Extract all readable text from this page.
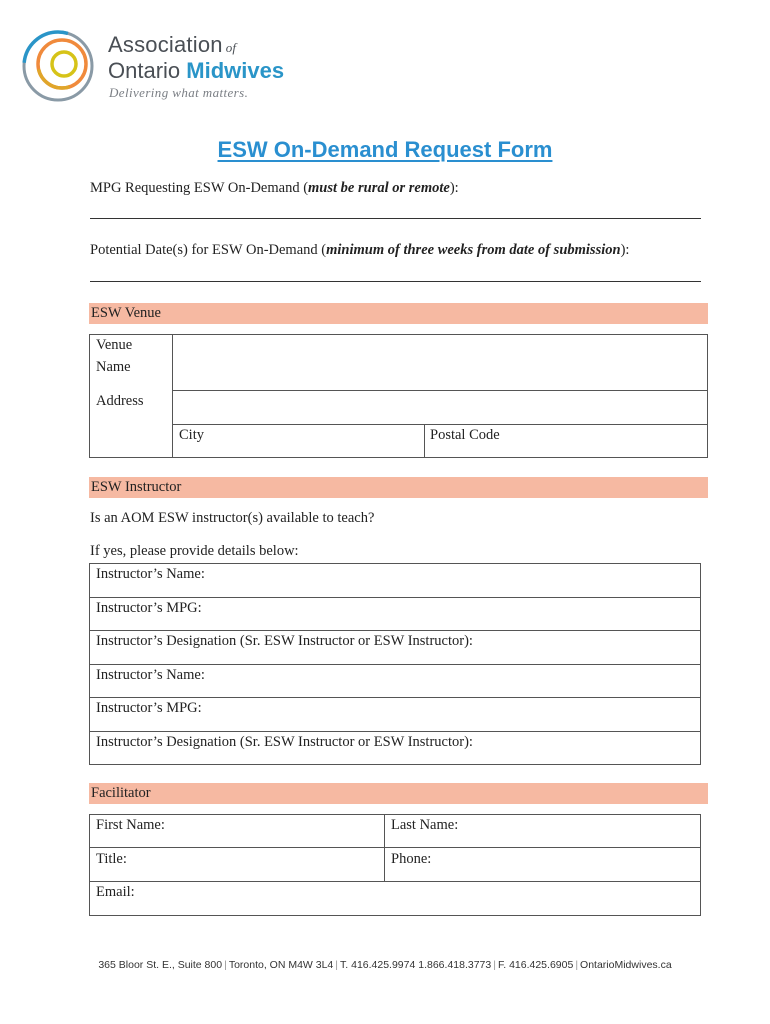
Association of
Ontario Midwives
Delivering what matters.
ESW On-Demand Request Form
MPG Requesting ESW On-Demand (must be rural or remote):
Potential Date(s) for ESW On-Demand (minimum of three weeks from date of submission):
ESW Venue
Venue
Name
Address
City	Postal Code
ESW Instructor
Is an AOM ESW instructor(s) available to teach?
If yes, please provide details below:
Instructor’s Name:
Instructor’s MPG:
Instructor’s Designation (Sr. ESW Instructor or ESW Instructor):
Instructor’s Name:
Instructor’s MPG:
Instructor’s Designation (Sr. ESW Instructor or ESW Instructor):
Facilitator
First Name:	Last Name:
Title:	Phone:
Email:
365 Bloor St. E., Suite 800 | Toronto, ON M4W 3L4 | T. 416.425.9974 1.866.418.3773 | F. 416.425.6905 | OntarioMidwives.ca
